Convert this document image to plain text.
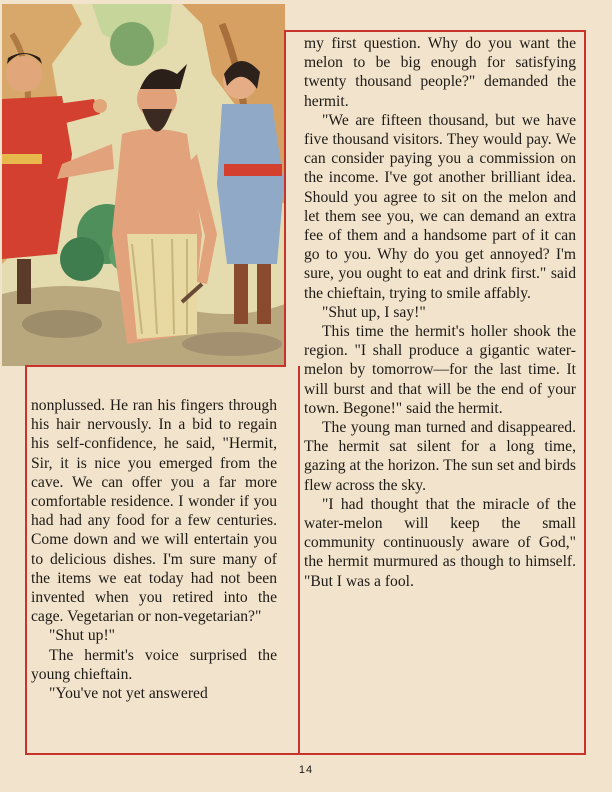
my first question. Why do you want the melon to be big enough for satisfying twenty thousand people?" demanded the hermit.

"We are fifteen thousand, but we have five thousand visitors. They would pay. We can consider paying you a commission on the income. I've got another brilliant idea. Should you agree to sit on the melon and let them see you, we can demand an extra fee of them and a handsome part of it can go to you. Why do you get annoyed? I'm sure, you ought to eat and drink first." said the chieftain, trying to smile affably.

"Shut up, I say!"

This time the hermit's holler shook the region. "I shall produce a gigantic water-melon by tomorrow—for the last time. It will burst and that will be the end of your town. Begone!" said the hermit.

The young man turned and disappeared. The hermit sat silent for a long time, gazing at the horizon. The sun set and birds flew across the sky.

"I had thought that the miracle of the water-melon will keep the small community continuously aware of God," the hermit murmured as though to himself. "But I was a fool.

nonplussed. He ran his fingers through his hair nervously. In a bid to regain his self-confidence, he said, "Hermit, Sir, it is nice you emerged from the cave. We can offer you a far more comfortable residence. I wonder if you had had any food for a few centuries. Come down and we will entertain you to delicious dishes. I'm sure many of the items we eat today had not been invented when you retired into the cage. Vegetarian or non-vegetarian?"

"Shut up!"

The hermit's voice surprised the young chieftain.

"You've not yet answered

14
